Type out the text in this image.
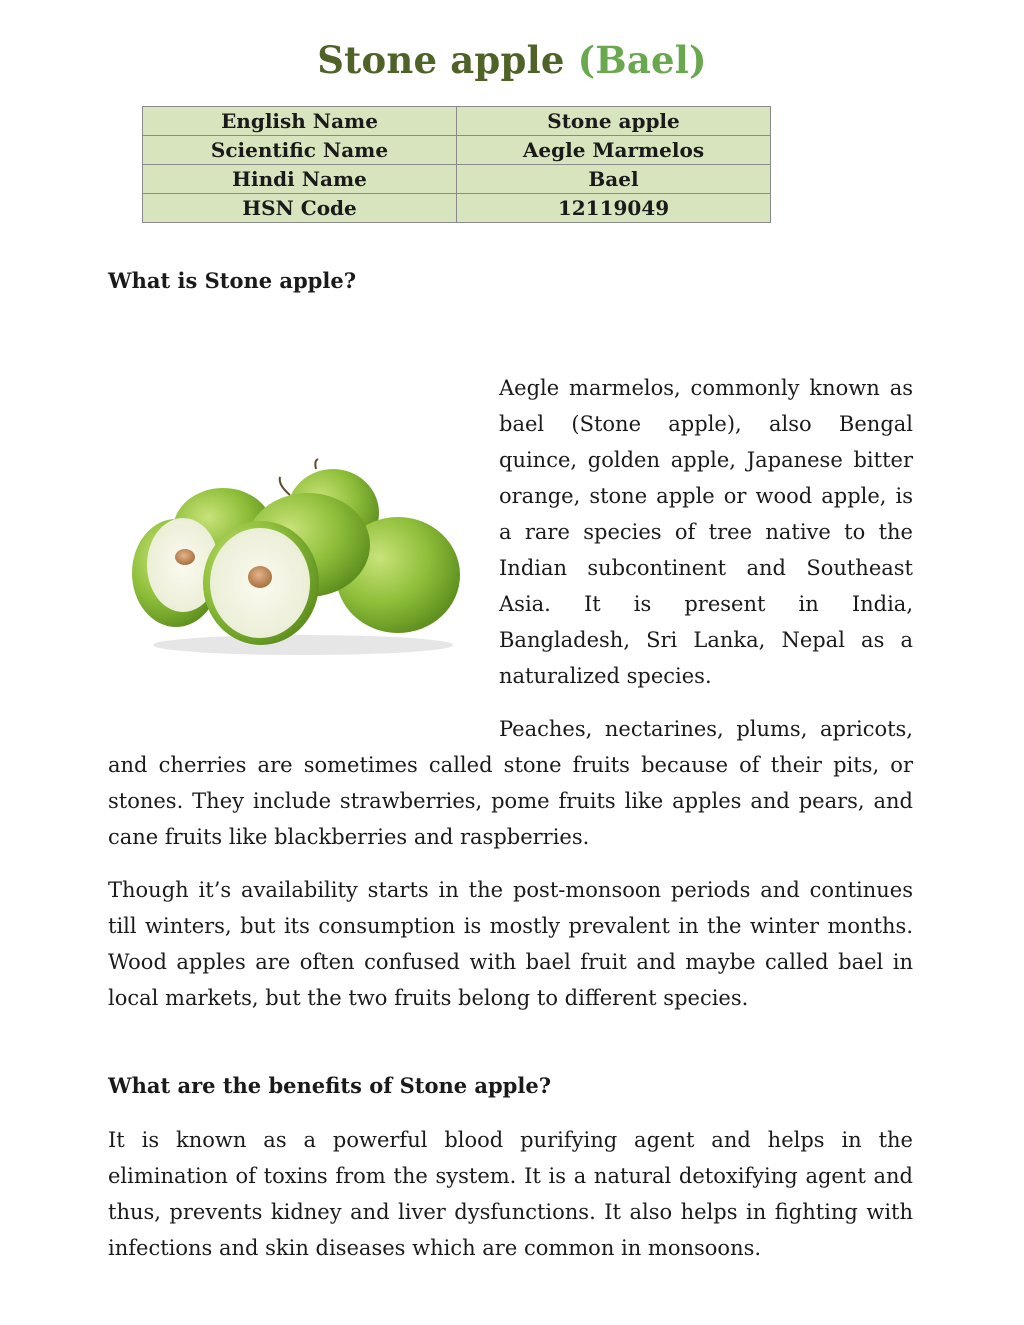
Stone apple (Bael)
English Name	Stone apple
Scientific Name	Aegle Marmelos
Hindi Name	Bael
HSN Code	12119049
What is Stone apple?

Aegle marmelos, commonly known as bael (Stone apple), also Bengal quince, golden apple, Japanese bitter orange, stone apple or wood apple, is a rare species of tree native to the Indian subcontinent and Southeast Asia. It is present in India, Bangladesh, Sri Lanka, Nepal as a naturalized species.

Peaches, nectarines, plums, apricots, and cherries are sometimes called stone fruits because of their pits, or stones. They include strawberries, pome fruits like apples and pears, and cane fruits like blackberries and raspberries.

Though it’s availability starts in the post-monsoon periods and continues till winters, but its consumption is mostly prevalent in the winter months. Wood apples are often confused with bael fruit and maybe called bael in local markets, but the two fruits belong to different species.

What are the benefits of Stone apple?

It is known as a powerful blood purifying agent and helps in the elimination of toxins from the system. It is a natural detoxifying agent and thus, prevents kidney and liver dysfunctions. It also helps in fighting with infections and skin diseases which are common in monsoons.
